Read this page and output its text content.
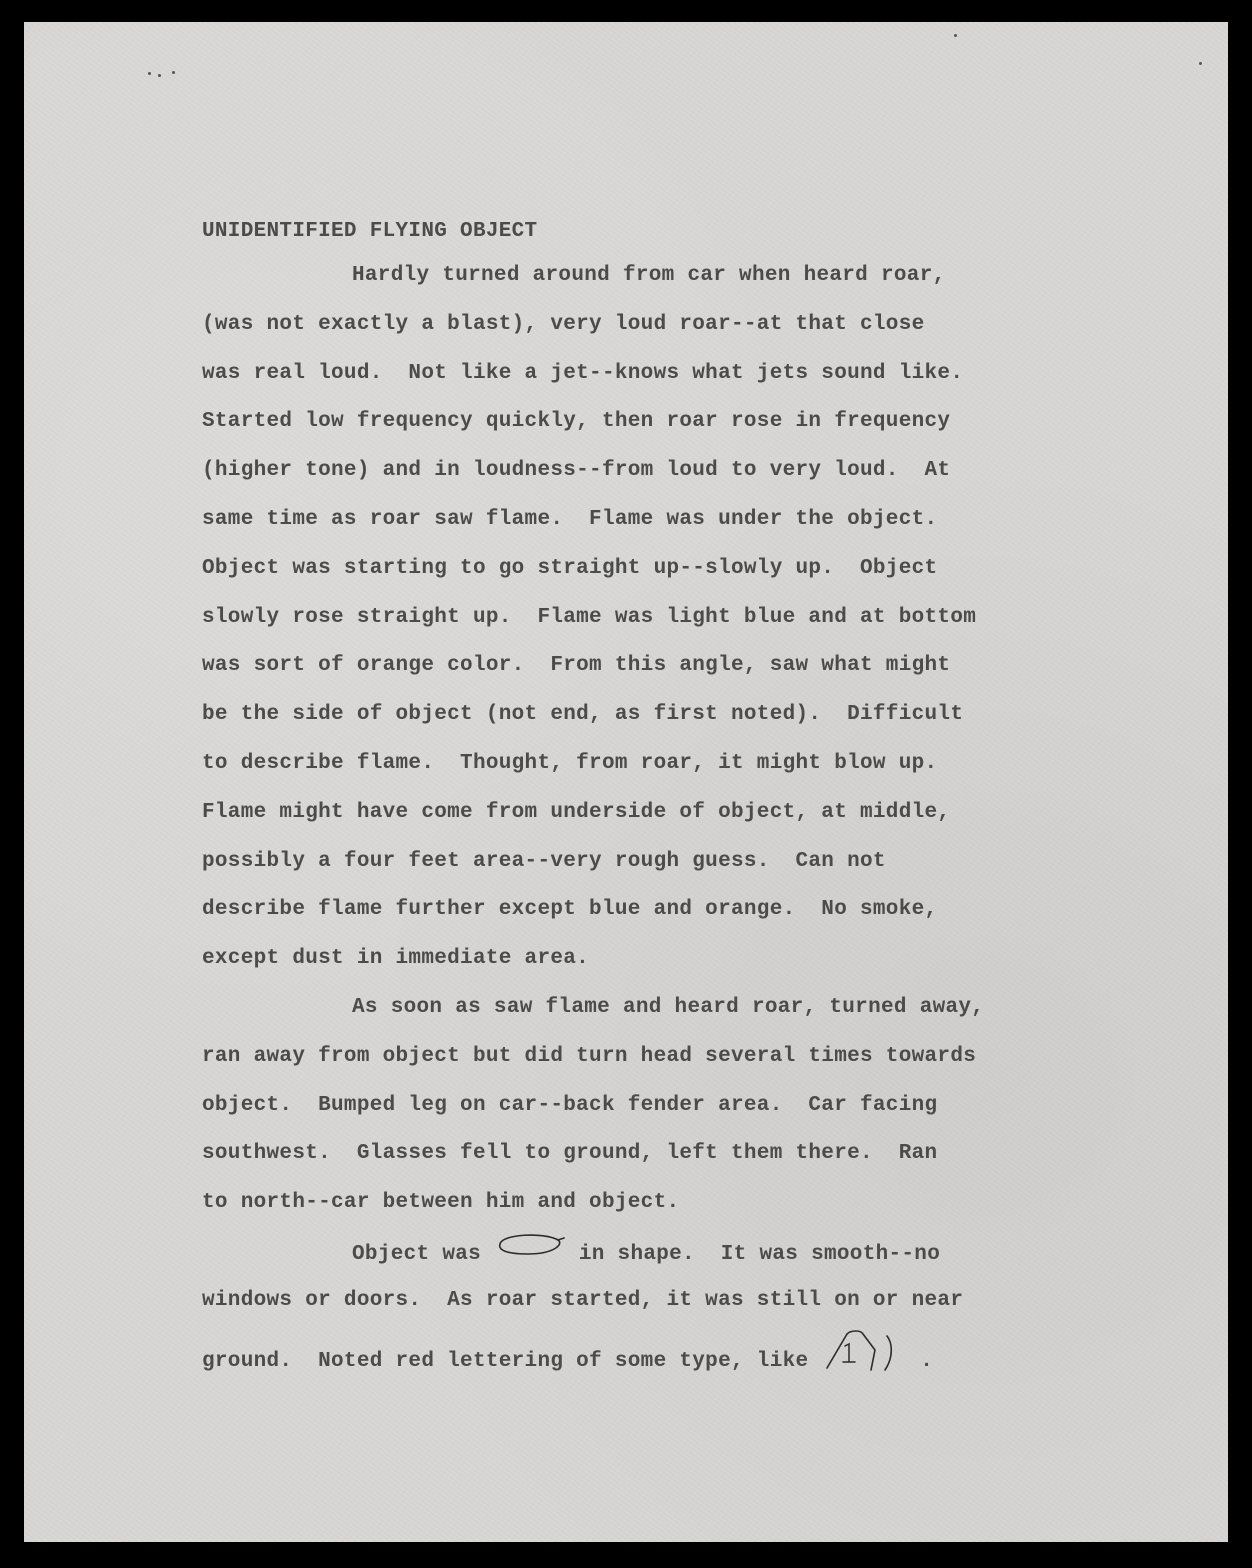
UNIDENTIFIED FLYING OBJECT
Hardly turned around from car when heard roar,
(was not exactly a blast), very loud roar--at that close
was real loud.  Not like a jet--knows what jets sound like.
Started low frequency quickly, then roar rose in frequency
(higher tone) and in loudness--from loud to very loud.  At
same time as roar saw flame.  Flame was under the object.
Object was starting to go straight up--slowly up.  Object
slowly rose straight up.  Flame was light blue and at bottom
was sort of orange color.  From this angle, saw what might
be the side of object (not end, as first noted).  Difficult
to describe flame.  Thought, from roar, it might blow up.
Flame might have come from underside of object, at middle,
possibly a four feet area--very rough guess.  Can not
describe flame further except blue and orange.  No smoke,
except dust in immediate area.
As soon as saw flame and heard roar, turned away,
ran away from object but did turn head several times towards
object.  Bumped leg on car--back fender area.  Car facing
southwest.  Glasses fell to ground, left them there.  Ran
to north--car between him and object.
Object was	in shape.  It was smooth--no
windows or doors.  As roar started, it was still on or near
ground.  Noted red lettering of some type, like	.
